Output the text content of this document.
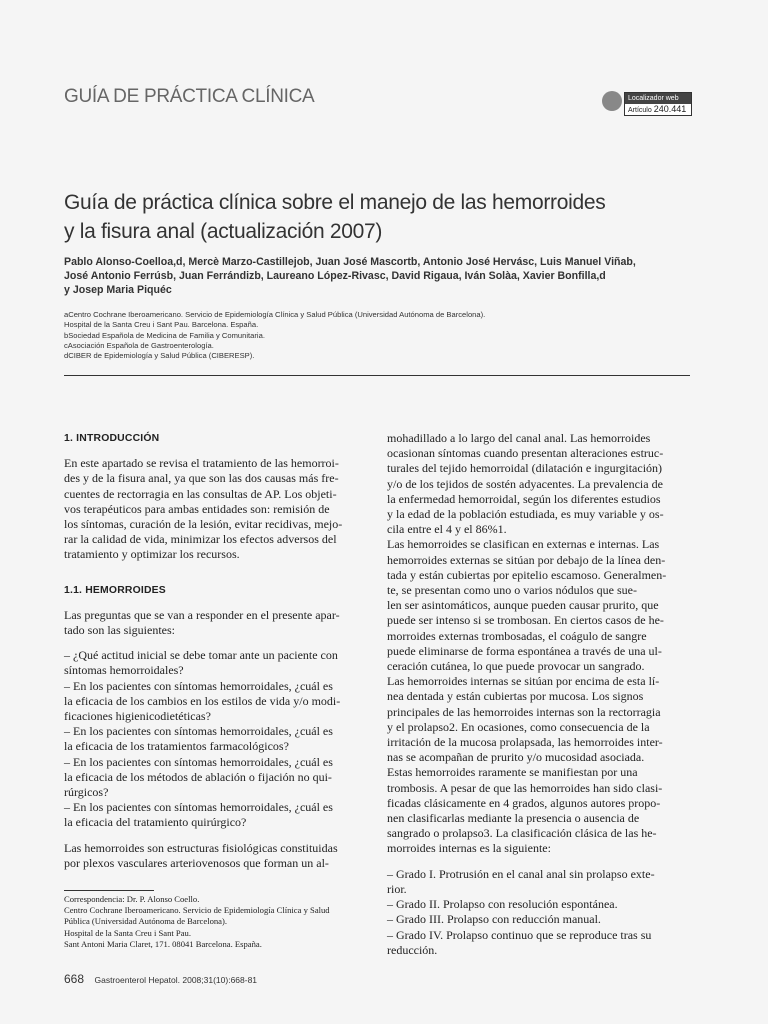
GUÍA DE PRÁCTICA CLÍNICA	Localizador web
Artículo 240.441
Guía de práctica clínica sobre el manejo de las hemorroides
y la fisura anal (actualización 2007)
Pablo Alonso-Coelloa,d, Mercè Marzo-Castillejob, Juan José Mascortb, Antonio José Hervásc, Luis Manuel Viñab,
José Antonio Ferrúsb, Juan Ferrándizb, Laureano López-Rivasc, David Rigaua, Iván Solàa, Xavier Bonfilla,d
y Josep Maria Piquéc
aCentro Cochrane Iberoamericano. Servicio de Epidemiología Clínica y Salud Pública (Universidad Autónoma de Barcelona).
Hospital de la Santa Creu i Sant Pau. Barcelona. España.
bSociedad Española de Medicina de Familia y Comunitaria.
cAsociación Española de Gastroenterología.
dCIBER de Epidemiología y Salud Pública (CIBERESP).
1. INTRODUCCIÓN
En este apartado se revisa el tratamiento de las hemorroi-
des y de la fisura anal, ya que son las dos causas más fre-
cuentes de rectorragia en las consultas de AP. Los objeti-
vos terapéuticos para ambas entidades son: remisión de
los síntomas, curación de la lesión, evitar recidivas, mejo-
rar la calidad de vida, minimizar los efectos adversos del
tratamiento y optimizar los recursos.
1.1. HEMORROIDES
Las preguntas que se van a responder en el presente apar-
tado son las siguientes:
– ¿Qué actitud inicial se debe tomar ante un paciente con
síntomas hemorroidales?
– En los pacientes con síntomas hemorroidales, ¿cuál es
la eficacia de los cambios en los estilos de vida y/o modi-
ficaciones higienicodietéticas?
– En los pacientes con síntomas hemorroidales, ¿cuál es
la eficacia de los tratamientos farmacológicos?
– En los pacientes con síntomas hemorroidales, ¿cuál es
la eficacia de los métodos de ablación o fijación no qui-
rúrgicos?
– En los pacientes con síntomas hemorroidales, ¿cuál es
la eficacia del tratamiento quirúrgico?
Las hemorroides son estructuras fisiológicas constituidas
por plexos vasculares arteriovenosos que forman un al-
mohadillado a lo largo del canal anal. Las hemorroides
ocasionan síntomas cuando presentan alteraciones estruc-
turales del tejido hemorroidal (dilatación e ingurgitación)
y/o de los tejidos de sostén adyacentes. La prevalencia de
la enfermedad hemorroidal, según los diferentes estudios
y la edad de la población estudiada, es muy variable y os-
cila entre el 4 y el 86%1.
Las hemorroides se clasifican en externas e internas. Las
hemorroides externas se sitúan por debajo de la línea den-
tada y están cubiertas por epitelio escamoso. Generalmen-
te, se presentan como uno o varios nódulos que sue-
len ser asintomáticos, aunque pueden causar prurito, que
puede ser intenso si se trombosan. En ciertos casos de he-
morroides externas trombosadas, el coágulo de sangre
puede eliminarse de forma espontánea a través de una ul-
ceración cutánea, lo que puede provocar un sangrado.
Las hemorroides internas se sitúan por encima de esta lí-
nea dentada y están cubiertas por mucosa. Los signos
principales de las hemorroides internas son la rectorragia
y el prolapso2. En ocasiones, como consecuencia de la
irritación de la mucosa prolapsada, las hemorroides inter-
nas se acompañan de prurito y/o mucosidad asociada.
Estas hemorroides raramente se manifiestan por una
trombosis. A pesar de que las hemorroides han sido clasi-
ficadas clásicamente en 4 grados, algunos autores propo-
nen clasificarlas mediante la presencia o ausencia de
sangrado o prolapso3. La clasificación clásica de las he-
morroides internas es la siguiente:
– Grado I. Protrusión en el canal anal sin prolapso exte-
rior.
– Grado II. Prolapso con resolución espontánea.
– Grado III. Prolapso con reducción manual.
– Grado IV. Prolapso continuo que se reproduce tras su
reducción.
Correspondencia: Dr. P. Alonso Coello.
Centro Cochrane Iberoamericano. Servicio de Epidemiología Clínica y Salud
Pública (Universidad Autónoma de Barcelona).
Hospital de la Santa Creu i Sant Pau.
Sant Antoni Maria Claret, 171. 08041 Barcelona. España.
668 Gastroenterol Hepatol. 2008;31(10):668-81
